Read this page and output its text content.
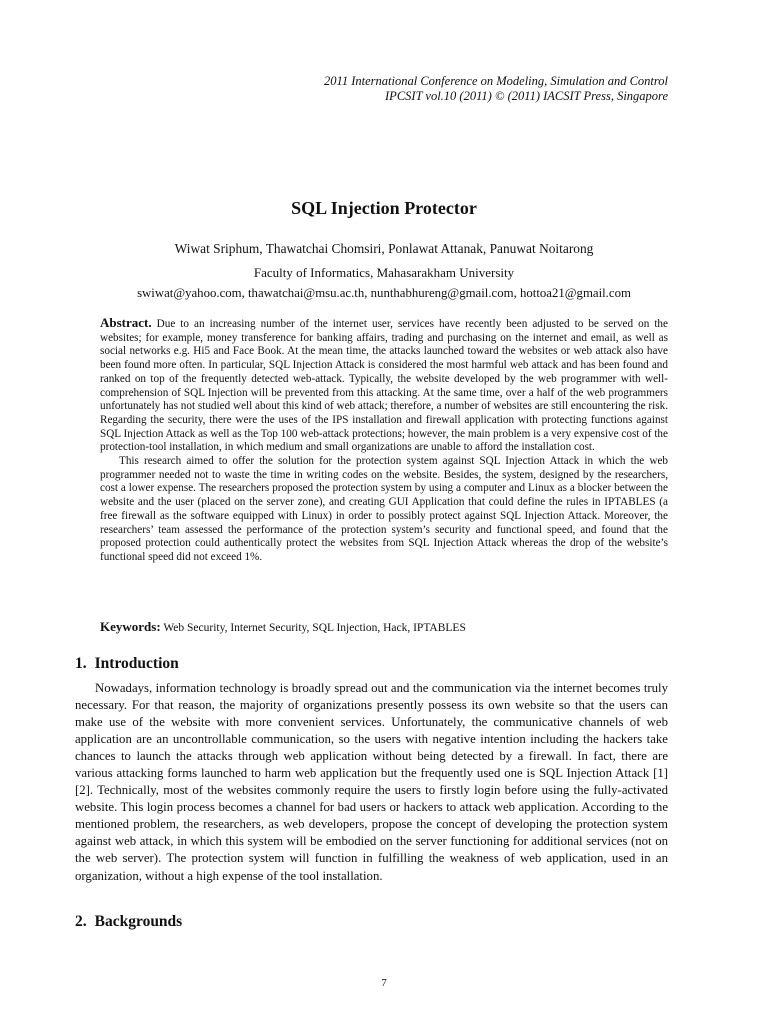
2011 International Conference on Modeling, Simulation and Control
IPCSIT vol.10 (2011) © (2011) IACSIT Press, Singapore
SQL Injection Protector
Wiwat Sriphum, Thawatchai Chomsiri, Ponlawat Attanak, Panuwat Noitarong
Faculty of Informatics, Mahasarakham University
swiwat@yahoo.com, thawatchai@msu.ac.th, nunthabhureng@gmail.com, hottoa21@gmail.com

Abstract. Due to an increasing number of the internet user, services have recently been adjusted to be served on the websites; for example, money transference for banking affairs, trading and purchasing on the internet and email, as well as social networks e.g. Hi5 and Face Book. At the mean time, the attacks launched toward the websites or web attack also have been found more often. In particular, SQL Injection Attack is considered the most harmful web attack and has been found and ranked on top of the frequently detected web-attack. Typically, the website developed by the web programmer with well-comprehension of SQL Injection will be prevented from this attacking. At the same time, over a half of the web programmers unfortunately has not studied well about this kind of web attack; therefore, a number of websites are still encountering the risk. Regarding the security, there were the uses of the IPS installation and firewall application with protecting functions against SQL Injection Attack as well as the Top 100 web-attack protections; however, the main problem is a very expensive cost of the protection-tool installation, in which medium and small organizations are unable to afford the installation cost.

This research aimed to offer the solution for the protection system against SQL Injection Attack in which the web programmer needed not to waste the time in writing codes on the website. Besides, the system, designed by the researchers, cost a lower expense. The researchers proposed the protection system by using a computer and Linux as a blocker between the website and the user (placed on the server zone), and creating GUI Application that could define the rules in IPTABLES (a free firewall as the software equipped with Linux) in order to possibly protect against SQL Injection Attack. Moreover, the researchers’ team assessed the performance of the protection system’s security and functional speed, and found that the proposed protection could authentically protect the websites from SQL Injection Attack whereas the drop of the website’s functional speed did not exceed 1%.

Keywords: Web Security, Internet Security, SQL Injection, Hack, IPTABLES
1. Introduction

Nowadays, information technology is broadly spread out and the communication via the internet becomes truly necessary. For that reason, the majority of organizations presently possess its own website so that the users can make use of the website with more convenient services. Unfortunately, the communicative channels of web application are an uncontrollable communication, so the users with negative intention including the hackers take chances to launch the attacks through web application without being detected by a firewall. In fact, there are various attacking forms launched to harm web application but the frequently used one is SQL Injection Attack [1] [2]. Technically, most of the websites commonly require the users to firstly login before using the fully-activated website. This login process becomes a channel for bad users or hackers to attack web application. According to the mentioned problem, the researchers, as web developers, propose the concept of developing the protection system against web attack, in which this system will be embodied on the server functioning for additional services (not on the web server). The protection system will function in fulfilling the weakness of web application, used in an organization, without a high expense of the tool installation.

2. Backgrounds
7
